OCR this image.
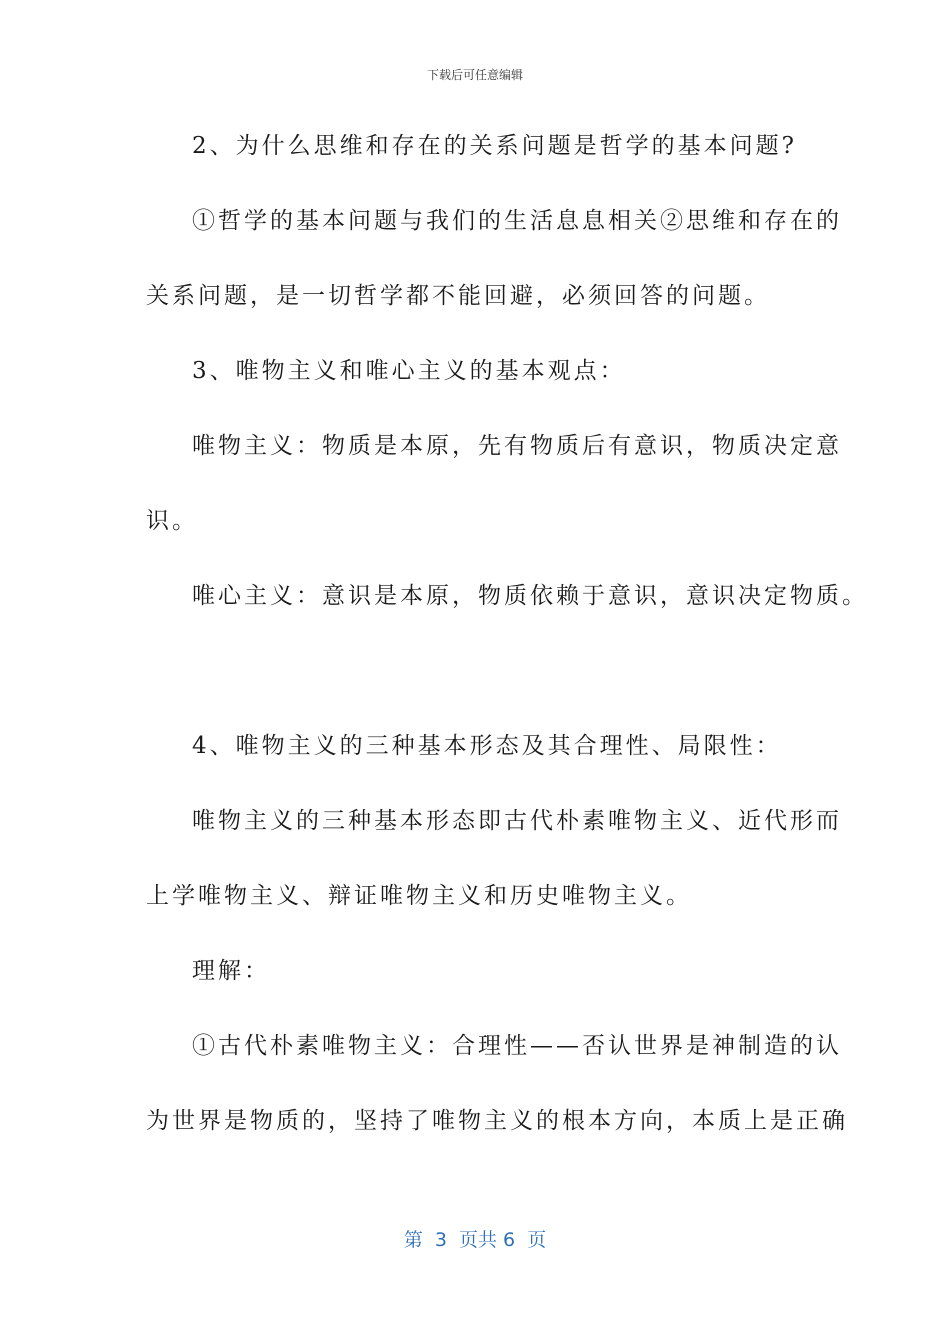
下载后可任意编辑
2、为什么思维和存在的关系问题是哲学的基本问题?
①哲学的基本问题与我们的生活息息相关②思维和存在的
关系问题，是一切哲学都不能回避，必须回答的问题。
3、唯物主义和唯心主义的基本观点：
唯物主义：物质是本原，先有物质后有意识，物质决定意
识。
唯心主义：意识是本原，物质依赖于意识，意识决定物质。
4、唯物主义的三种基本形态及其合理性、局限性：
唯物主义的三种基本形态即古代朴素唯物主义、近代形而
上学唯物主义、辩证唯物主义和历史唯物主义。
理解：
①古代朴素唯物主义：合理性——否认世界是神制造的认
为世界是物质的，坚持了唯物主义的根本方向，本质上是正确
第  3  页共 6  页
